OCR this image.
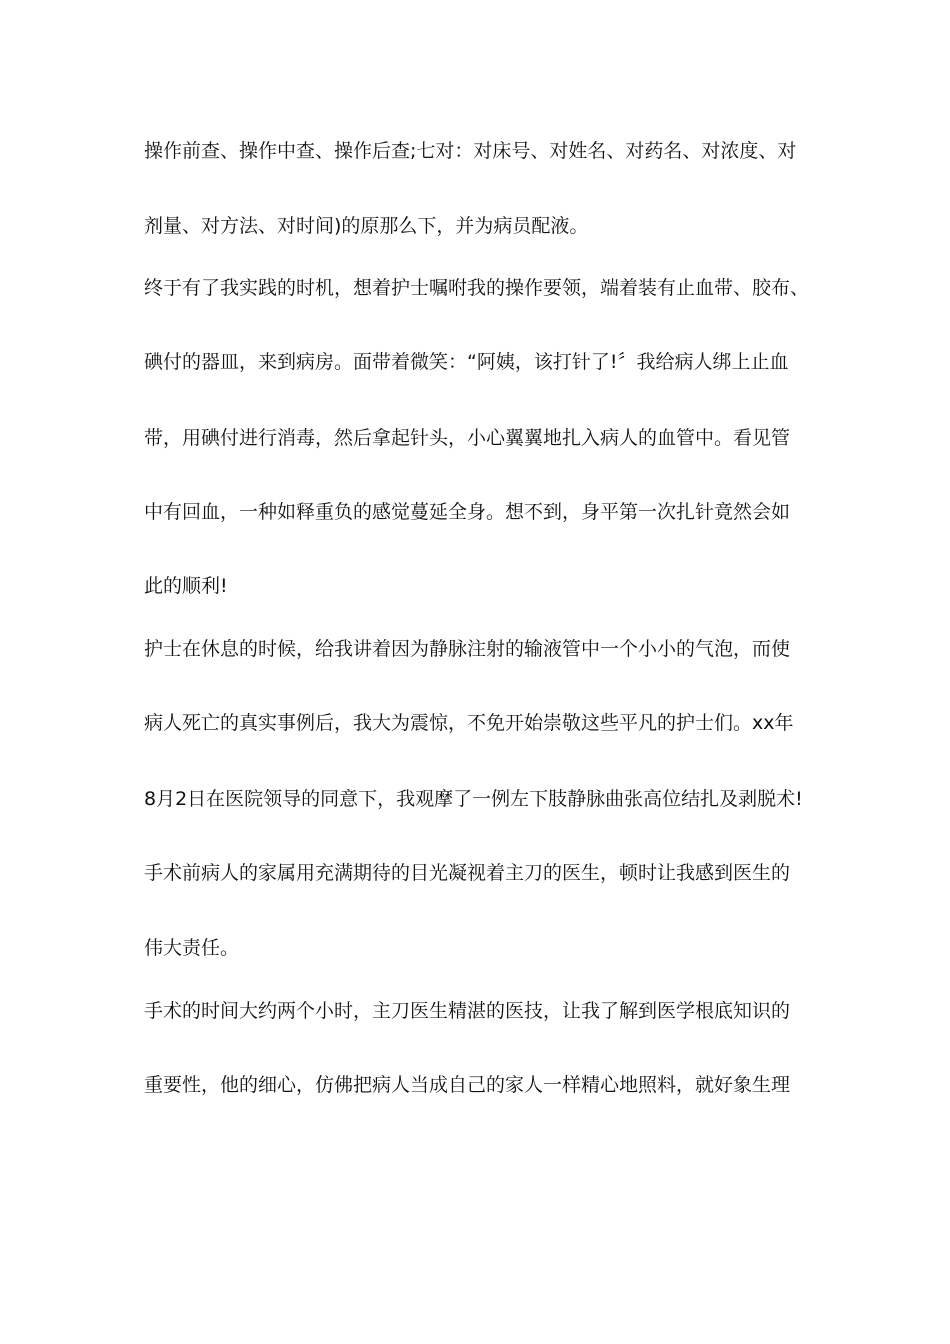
操作前查、操作中查、操作后查;七对：对床号、对姓名、对药名、对浓度、对
剂量、对方法、对时间)的原那么下，并为病员配液。
终于有了我实践的时机，想着护士嘱咐我的操作要领，端着装有止血带、胶布、
碘付的器皿，来到病房。面带着微笑：“阿姨，该打针了!〞我给病人绑上止血
带，用碘付进行消毒，然后拿起针头，小心翼翼地扎入病人的血管中。看见管
中有回血，一种如释重负的感觉蔓延全身。想不到，身平第一次扎针竟然会如
此的顺利!
护士在休息的时候，给我讲着因为静脉注射的输液管中一个小小的气泡，而使
病人死亡的真实事例后，我大为震惊，不免开始崇敬这些平凡的护士们。xx年
8月2日在医院领导的同意下，我观摩了一例左下肢静脉曲张高位结扎及剥脱术!
手术前病人的家属用充满期待的目光凝视着主刀的医生，顿时让我感到医生的
伟大责任。
手术的时间大约两个小时，主刀医生精湛的医技，让我了解到医学根底知识的
重要性，他的细心，仿佛把病人当成自己的家人一样精心地照料，就好象生理
